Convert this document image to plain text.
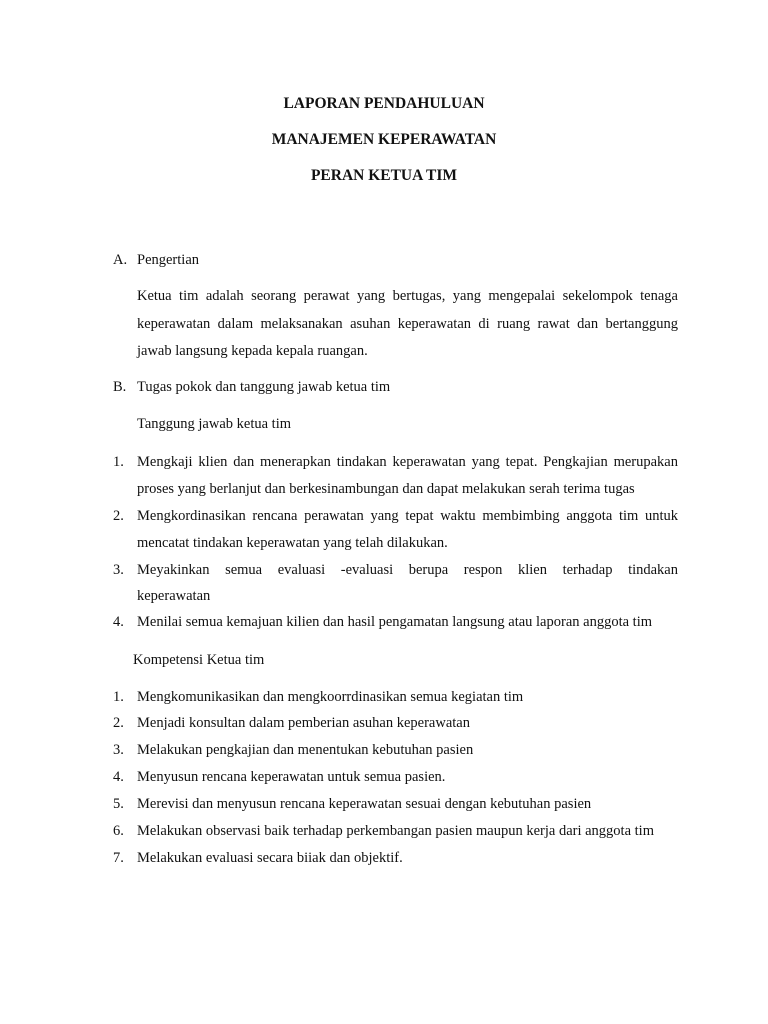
LAPORAN PENDAHULUAN
MANAJEMEN KEPERAWATAN
PERAN KETUA TIM
A. Pengertian
Ketua tim adalah seorang perawat yang bertugas, yang mengepalai sekelompok tenaga
keperawatan dalam melaksanakan asuhan keperawatan di ruang rawat dan bertanggung
jawab langsung kepada kepala ruangan.
B. Tugas pokok dan tanggung jawab ketua tim
Tanggung jawab ketua tim
1. Mengkaji klien dan menerapkan tindakan keperawatan yang tepat. Pengkajian merupakan
proses yang berlanjut dan berkesinambungan dan dapat melakukan serah terima tugas
2. Mengkordinasikan rencana perawatan yang tepat waktu membimbing anggota tim untuk
mencatat tindakan keperawatan yang telah dilakukan.
3. Meyakinkan semua evaluasi -evaluasi berupa respon klien terhadap tindakan
keperawatan
4. Menilai semua kemajuan kilien dan hasil pengamatan langsung atau laporan anggota tim
Kompetensi Ketua tim
1. Mengkomunikasikan dan mengkoorrdinasikan semua kegiatan tim
2. Menjadi konsultan dalam pemberian asuhan keperawatan
3. Melakukan pengkajian dan menentukan kebutuhan pasien
4. Menyusun rencana keperawatan untuk semua pasien.
5. Merevisi dan menyusun rencana keperawatan sesuai dengan kebutuhan pasien
6. Melakukan observasi baik terhadap perkembangan pasien maupun kerja dari anggota tim
7. Melakukan evaluasi secara biiak dan objektif.
